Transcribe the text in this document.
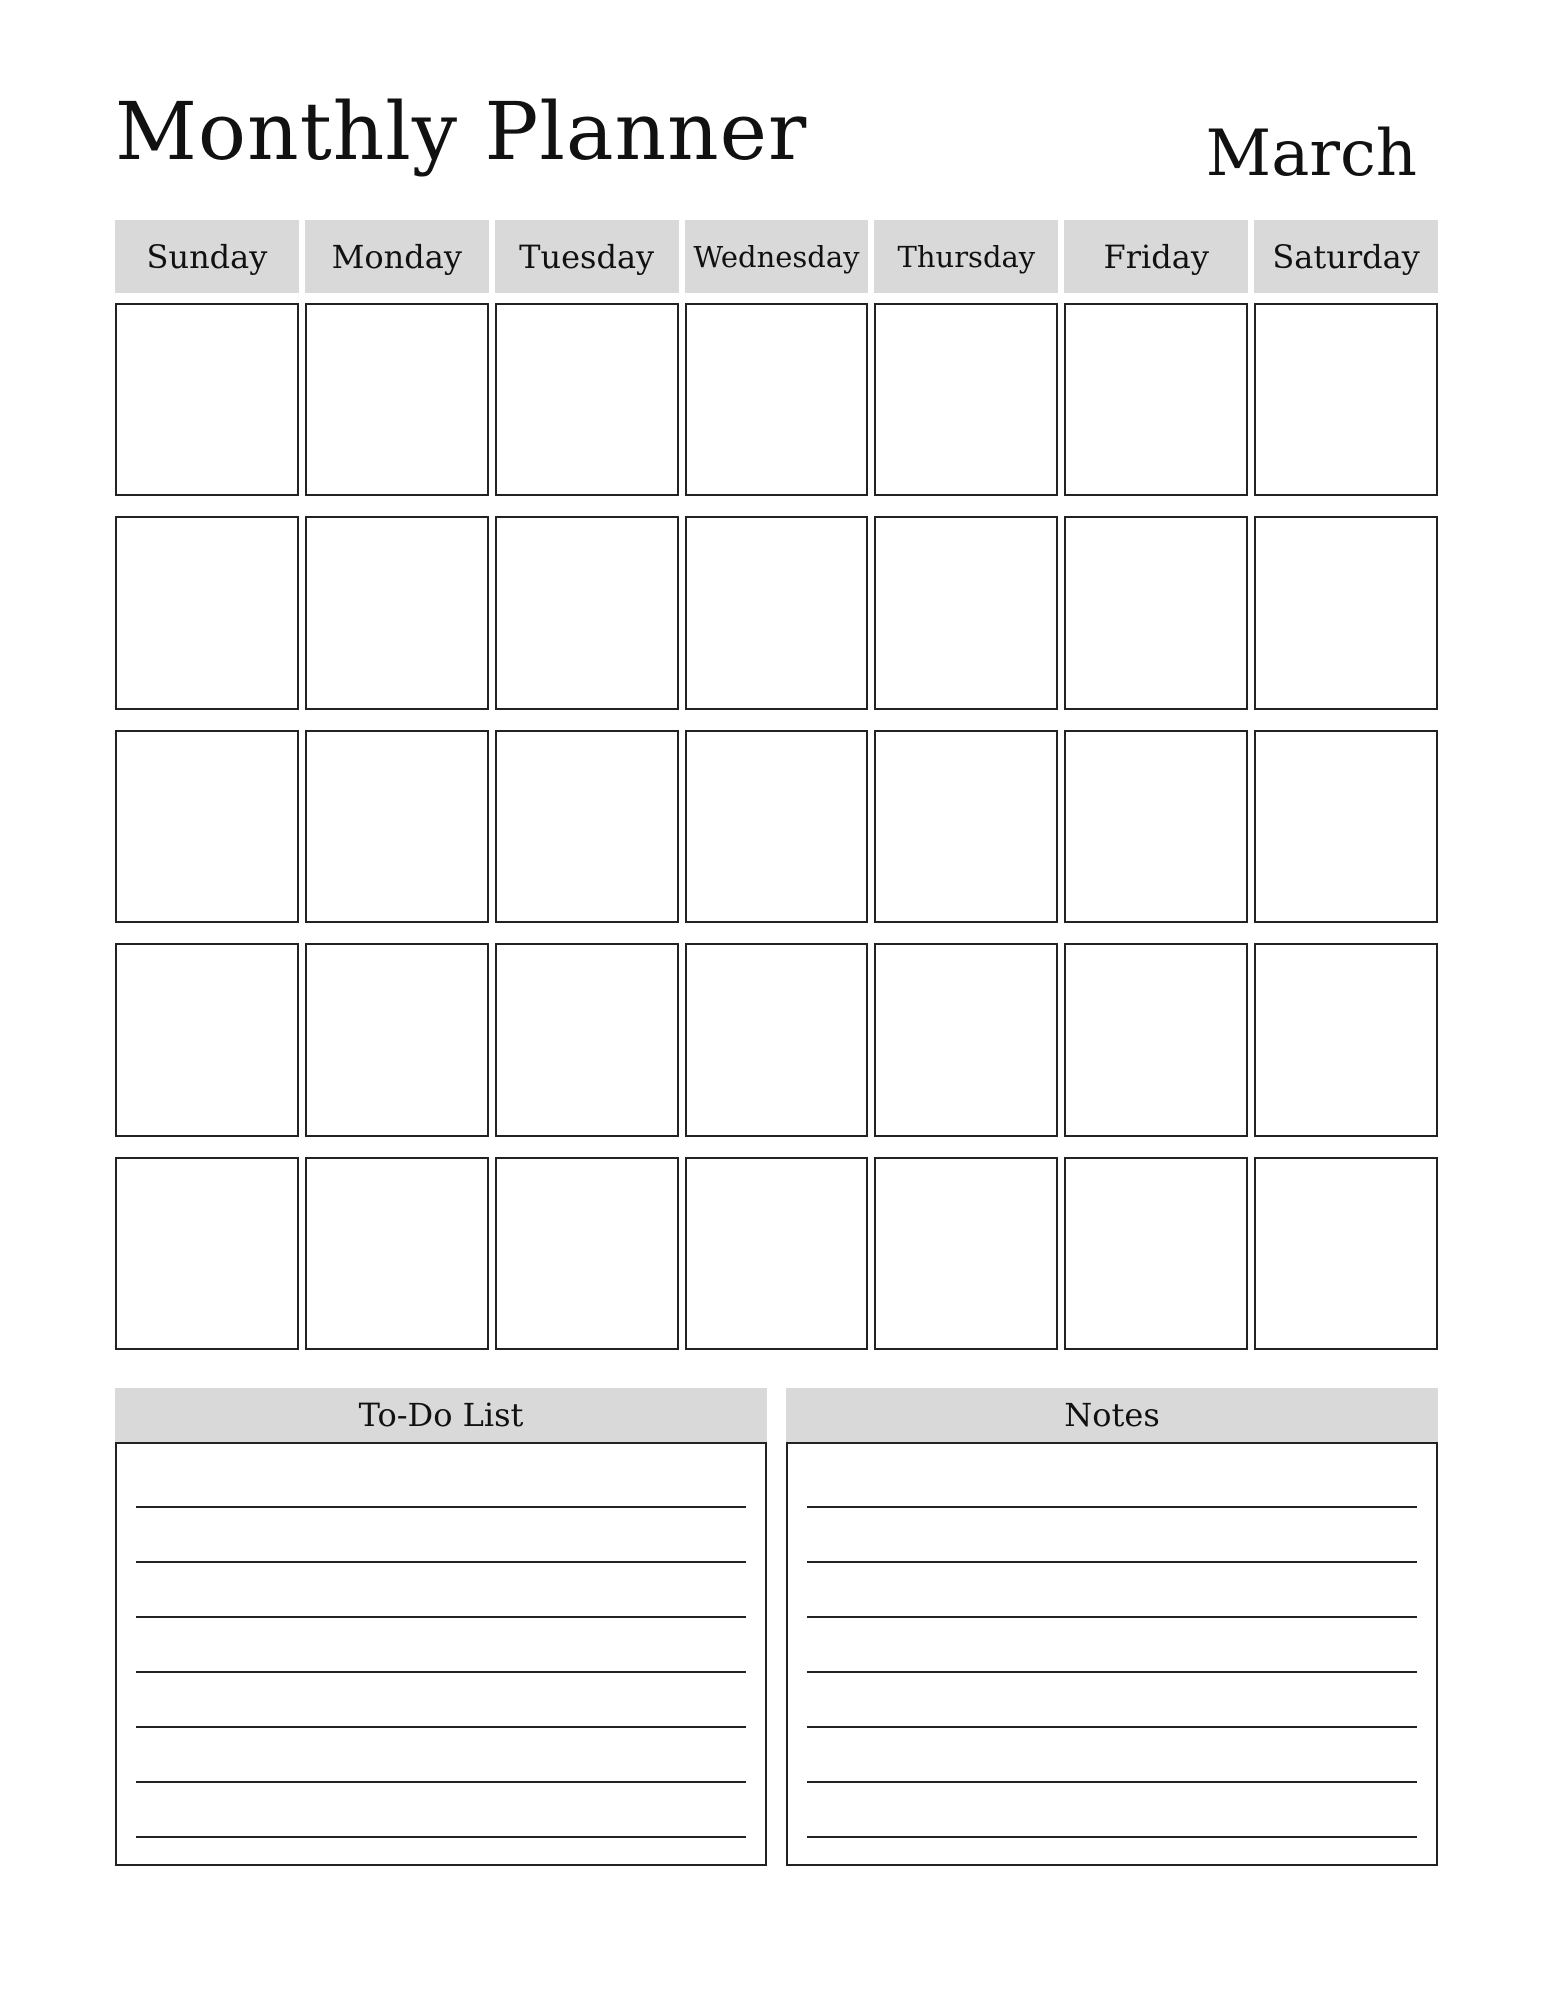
Monthly Planner	March
Sunday	Monday	Tuesday	Wednesday	Thursday	Friday	Saturday
To-Do List	Notes
